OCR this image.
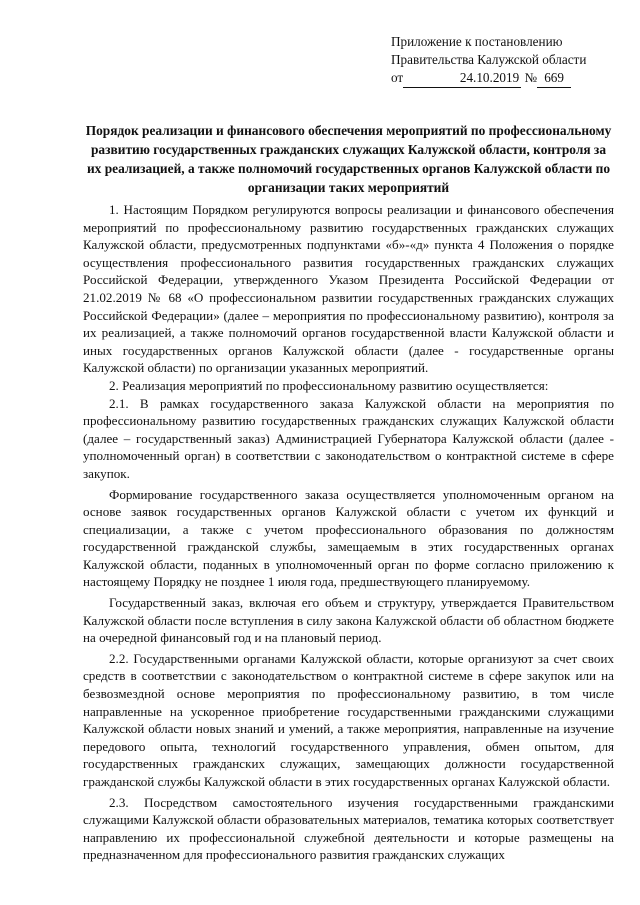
Приложение к постановлению
Правительства Калужской области
от	24.10.2019 № 669
Порядок реализации и финансового обеспечения мероприятий по профессиональному развитию государственных гражданских служащих Калужской области, контроля за их реализацией, а также полномочий государственных органов Калужской области по организации таких мероприятий

1. Настоящим Порядком регулируются вопросы реализации и финансового обеспечения мероприятий по профессиональному развитию государственных гражданских служащих Калужской области, предусмотренных подпунктами «б»-«д» пункта 4 Положения о порядке осуществления профессионального развития государственных гражданских служащих Российской Федерации, утвержденного Указом Президента Российской Федерации от 21.02.2019 № 68 «О профессиональном развитии государственных гражданских служащих Российской Федерации» (далее – мероприятия по профессиональному развитию), контроля за их реализацией, а также полномочий органов государственной власти Калужской области и иных государственных органов Калужской области (далее - государственные органы Калужской области) по организации указанных мероприятий.

2. Реализация мероприятий по профессиональному развитию осуществляется:

2.1. В рамках государственного заказа Калужской области на мероприятия по профессиональному развитию государственных гражданских служащих Калужской области (далее – государственный заказ) Администрацией Губернатора Калужской области (далее - уполномоченный орган) в соответствии с законодательством о контрактной системе в сфере закупок.

Формирование государственного заказа осуществляется уполномоченным органом на основе заявок государственных органов Калужской области с учетом их функций и специализации, а также с учетом профессионального образования по должностям государственной гражданской службы, замещаемым в этих государственных органах Калужской области, поданных в уполномоченный орган по форме согласно приложению к настоящему Порядку не позднее 1 июля года, предшествующего планируемому.

Государственный заказ, включая его объем и структуру, утверждается Правительством Калужской области после вступления в силу закона Калужской области об областном бюджете на очередной финансовый год и на плановый период.

2.2. Государственными органами Калужской области, которые организуют за счет своих средств в соответствии с законодательством о контрактной системе в сфере закупок или на безвозмездной основе мероприятия по профессиональному развитию, в том числе направленные на ускоренное приобретение государственными гражданскими служащими Калужской области новых знаний и умений, а также мероприятия, направленные на изучение передового опыта, технологий государственного управления, обмен опытом, для государственных гражданских служащих, замещающих должности государственной гражданской службы Калужской области в этих государственных органах Калужской области.

2.3. Посредством самостоятельного изучения государственными гражданскими служащими Калужской области образовательных материалов, тематика которых соответствует направлению их профессиональной служебной деятельности и которые размещены на предназначенном для профессионального развития гражданских служащих
